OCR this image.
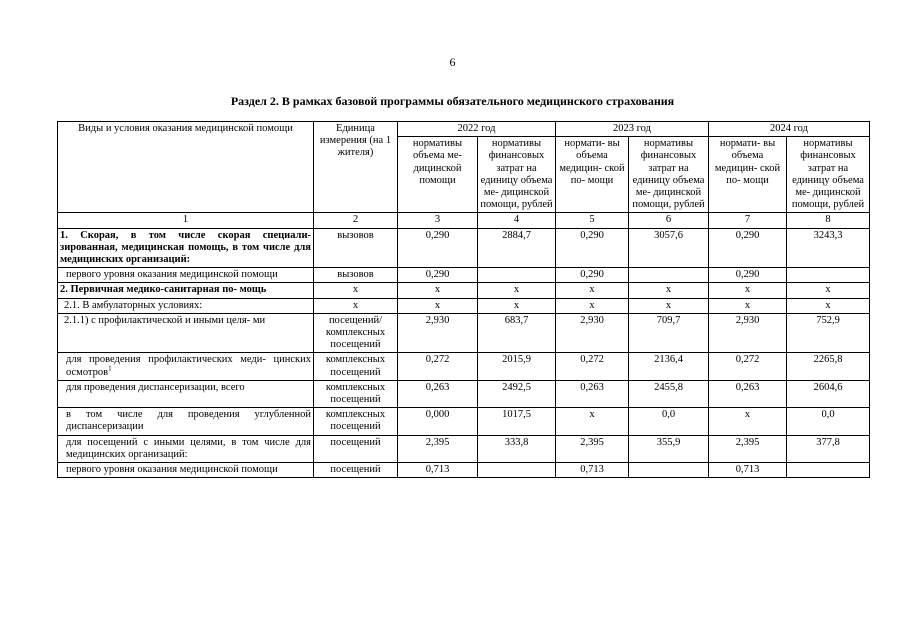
6
Раздел 2. В рамках базовой программы обязательного медицинского страхования
Виды и условия оказания медицинской помощи	Единица измерения (на 1 жителя)	2022 год		2023 год		2024 год	
		нормативы объема ме- дицинской помощи	нормативы финансовых затрат на единицу объема ме- дицинской помощи, рублей	нормати- вы объема медицин- ской по- мощи	нормативы финансовых затрат на единицу объема ме- дицинской помощи, рублей	нормати- вы объема медицин- ской по- мощи	нормативы финансовых затрат на единицу объема ме- дицинской помощи, рублей
1	2	3	4	5	6	7	8
1. Скорая, в том числе скорая специали- зированная, медицинская помощь, в том числе для медицинских организаций:	вызовов	0,290	2884,7	0,290	3057,6	0,290	3243,3
первого уровня оказания медицинской помощи	вызовов	0,290		0,290		0,290	
2. Первичная медико-санитарная по- мощь	х	х	х	х	х	х	х
2.1. В амбулаторных условиях:	х	х	х	х	х	х	х
2.1.1) с профилактической и иными целя- ми	посещений/ комплексных посещений	2,930	683,7	2,930	709,7	2,930	752,9
для проведения профилактических меди- цинских осмотров$^1$	комплексных посещений	0,272	2015,9	0,272	2136,4	0,272	2265,8
для проведения диспансеризации, всего	комплексных посещений	0,263	2492,5	0,263	2455,8	0,263	2604,6
в том числе для проведения углубленной диспансеризации	комплексных посещений	0,000	1017,5	х	0,0	х	0,0
для посещений с иными целями, в том числе для медицинских организаций:	посещений	2,395	333,8	2,395	355,9	2,395	377,8
первого уровня оказания медицинской помощи	посещений	0,713		0,713		0,713	
